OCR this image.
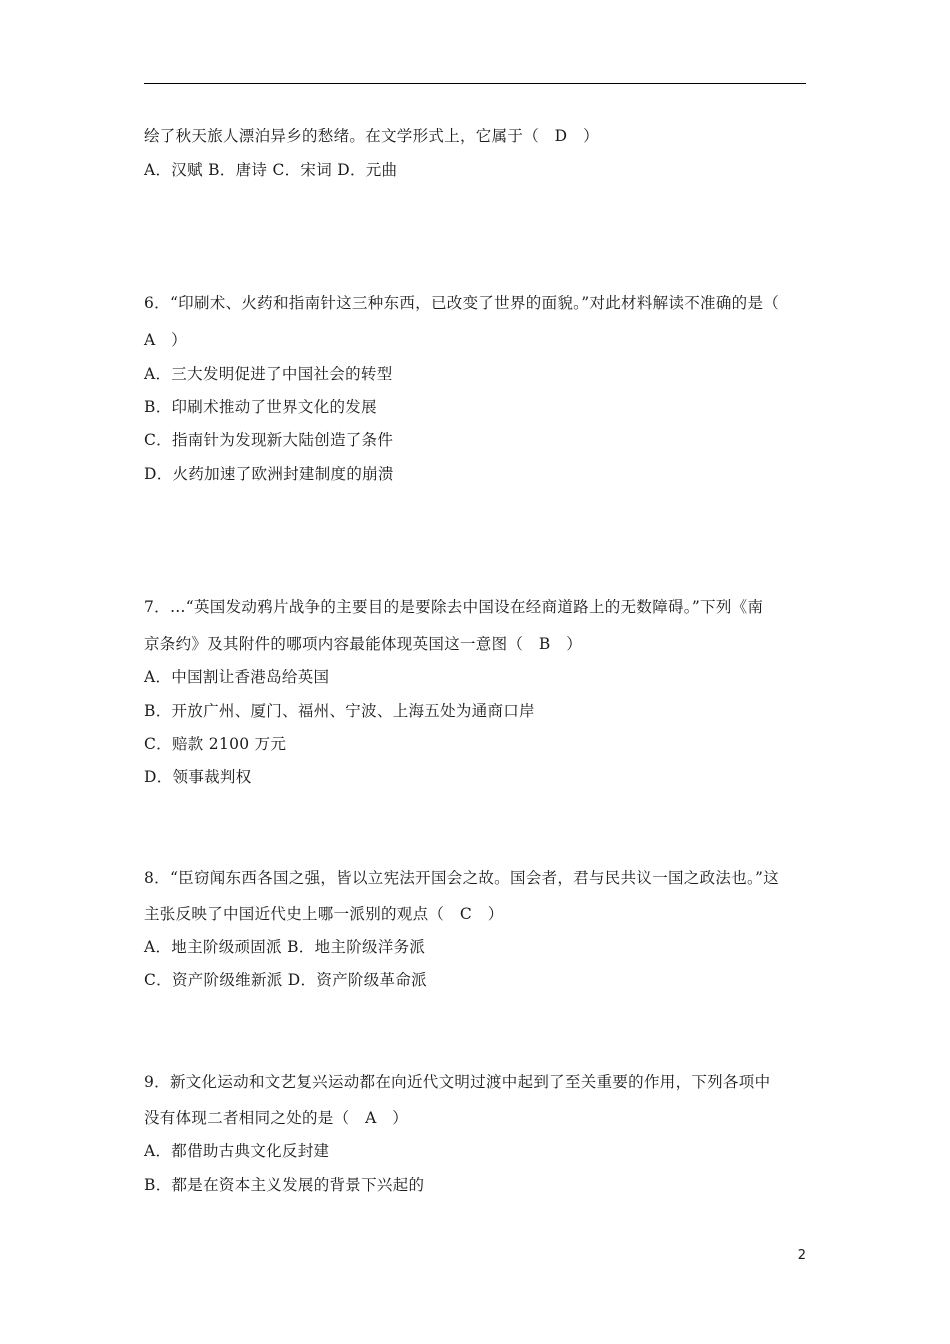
绘了秋天旅人漂泊异乡的愁绪。在文学形式上，它属于（   D   ）
A．汉赋 B．唐诗 C．宋词 D．元曲
6．“印刷术、火药和指南针这三种东西，已改变了世界的面貌。”对此材料解读不准确的是（
A   ）
A．三大发明促进了中国社会的转型
B．印刷术推动了世界文化的发展
C．指南针为发现新大陆创造了条件
D．火药加速了欧洲封建制度的崩溃
7．…“英国发动鸦片战争的主要目的是要除去中国设在经商道路上的无数障碍。”下列《南
京条约》及其附件的哪项内容最能体现英国这一意图（   B   ）
A．中国割让香港岛给英国
B．开放广州、厦门、福州、宁波、上海五处为通商口岸
C．赔款 2100 万元
D．领事裁判权
8．“臣窃闻东西各国之强，皆以立宪法开国会之故。国会者，君与民共议一国之政法也。”这
主张反映了中国近代史上哪一派别的观点（   C   ）
A．地主阶级顽固派 B．地主阶级洋务派
C．资产阶级维新派 D．资产阶级革命派
9．新文化运动和文艺复兴运动都在向近代文明过渡中起到了至关重要的作用，下列各项中
没有体现二者相同之处的是（   A   ）
A．都借助古典文化反封建
B．都是在资本主义发展的背景下兴起的
2
